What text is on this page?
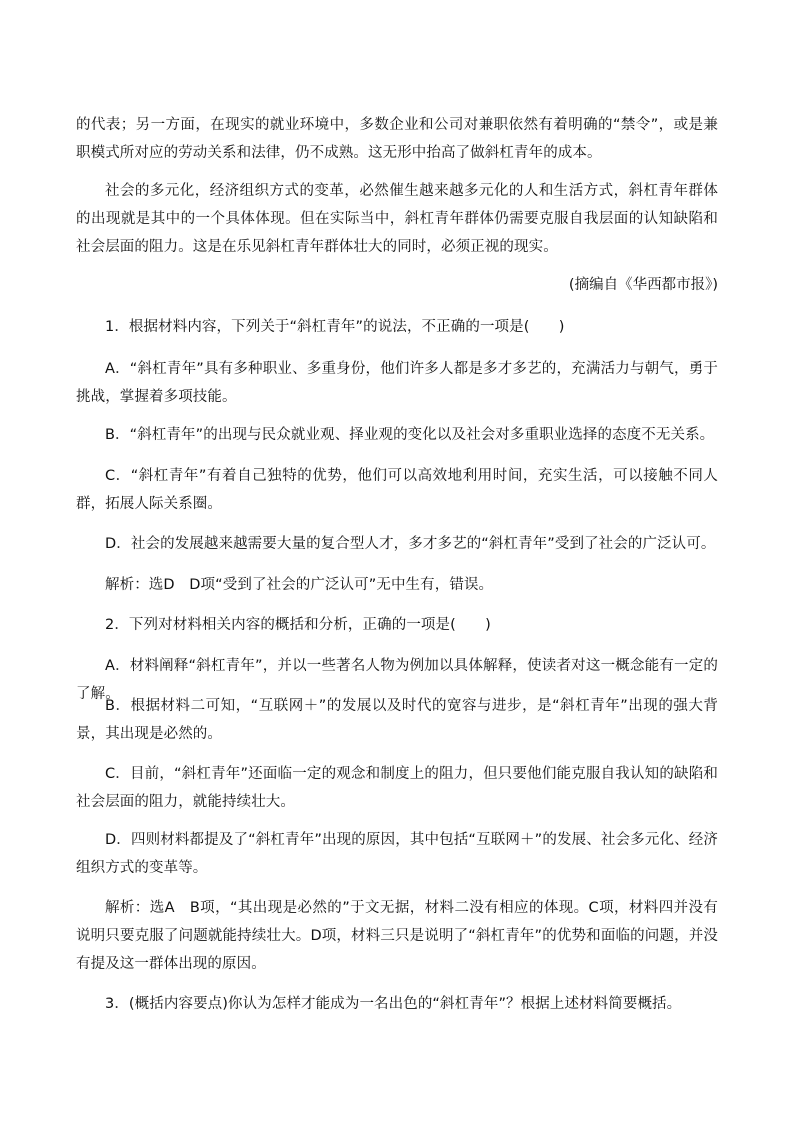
的代表；另一方面，在现实的就业环境中，多数企业和公司对兼职依然有着明确的“禁令”，或是兼职模式所对应的劳动关系和法律，仍不成熟。这无形中抬高了做斜杠青年的成本。

社会的多元化，经济组织方式的变革，必然催生越来越多元化的人和生活方式，斜杠青年群体的出现就是其中的一个具体体现。但在实际当中，斜杠青年群体仍需要克服自我层面的认知缺陷和社会层面的阻力。这是在乐见斜杠青年群体壮大的同时，必须正视的现实。

(摘编自《华西都市报》)

1．根据材料内容，下列关于“斜杠青年”的说法，不正确的一项是(　　)

A．“斜杠青年”具有多种职业、多重身份，他们许多人都是多才多艺的，充满活力与朝气，勇于挑战，掌握着多项技能。

B．“斜杠青年”的出现与民众就业观、择业观的变化以及社会对多重职业选择的态度不无关系。

C．“斜杠青年”有着自己独特的优势，他们可以高效地利用时间，充实生活，可以接触不同人群，拓展人际关系圈。

D．社会的发展越来越需要大量的复合型人才，多才多艺的“斜杠青年”受到了社会的广泛认可。

解析：选D　D项“受到了社会的广泛认可”无中生有，错误。

2．下列对材料相关内容的概括和分析，正确的一项是(　　)

A．材料阐释“斜杠青年”，并以一些著名人物为例加以具体解释，使读者对这一概念能有一定的了解。

B．根据材料二可知，“互联网＋”的发展以及时代的宽容与进步，是“斜杠青年”出现的强大背景，其出现是必然的。

C．目前，“斜杠青年”还面临一定的观念和制度上的阻力，但只要他们能克服自我认知的缺陷和社会层面的阻力，就能持续壮大。

D．四则材料都提及了“斜杠青年”出现的原因，其中包括“互联网＋”的发展、社会多元化、经济组织方式的变革等。

解析：选A　B项，“其出现是必然的”于文无据，材料二没有相应的体现。C项，材料四并没有说明只要克服了问题就能持续壮大。D项，材料三只是说明了“斜杠青年”的优势和面临的问题，并没有提及这一群体出现的原因。

3．(概括内容要点)你认为怎样才能成为一名出色的“斜杠青年”？根据上述材料简要概括。
